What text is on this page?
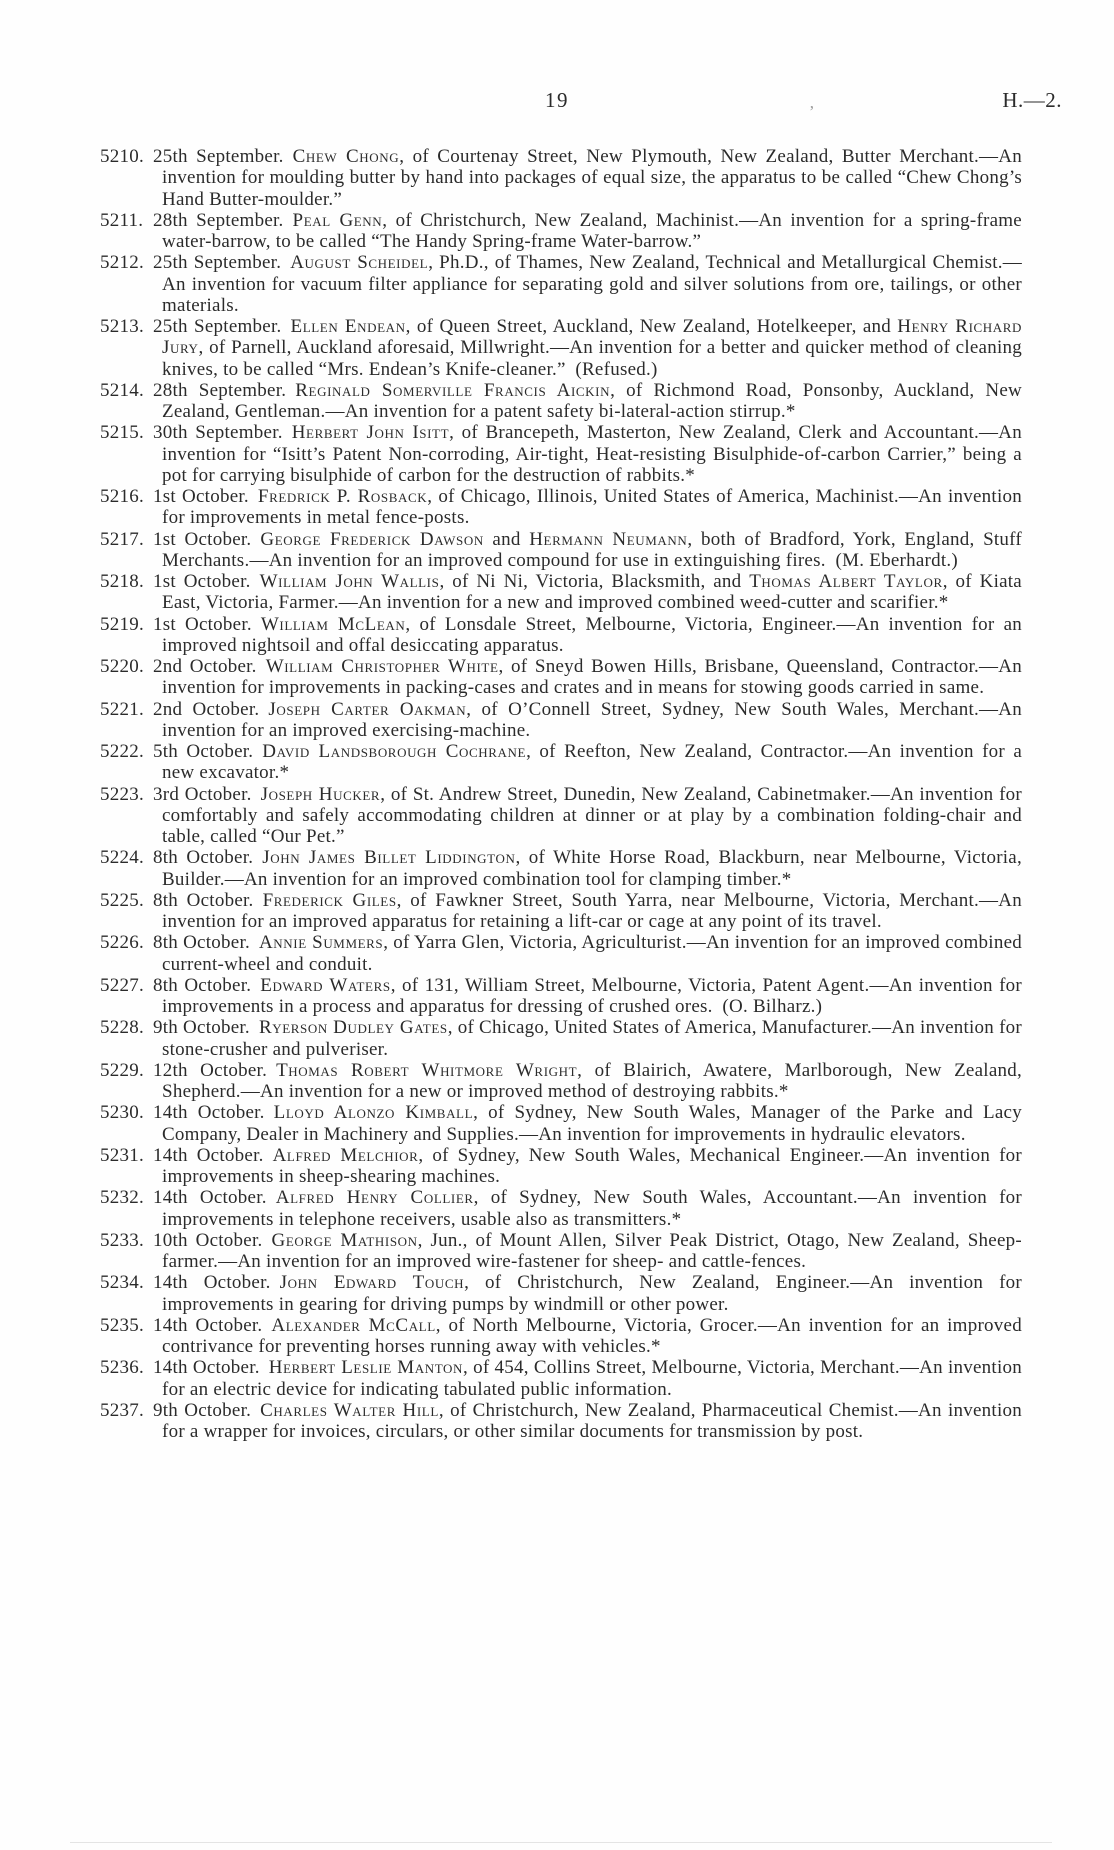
19	,	H.—2.

5210. 25th September. Chew Chong, of Courtenay Street, New Plymouth, New Zealand, Butter Merchant.—An invention for moulding butter by hand into packages of equal size, the apparatus to be called “Chew Chong’s Hand Butter-moulder.”

5211. 28th September. Peal Genn, of Christchurch, New Zealand, Machinist.—An invention for a spring-frame water-barrow, to be called “The Handy Spring-frame Water-barrow.”

5212. 25th September. August Scheidel, Ph.D., of Thames, New Zealand, Technical and Metallurgical Chemist.—An invention for vacuum filter appliance for separating gold and silver solutions from ore, tailings, or other materials.

5213. 25th September. Ellen Endean, of Queen Street, Auckland, New Zealand, Hotelkeeper, and Henry Richard Jury, of Parnell, Auckland aforesaid, Millwright.—An invention for a better and quicker method of cleaning knives, to be called “Mrs. Endean’s Knife-cleaner.” (Refused.)

5214. 28th September. Reginald Somerville Francis Aickin, of Richmond Road, Ponsonby, Auckland, New Zealand, Gentleman.—An invention for a patent safety bi-lateral-action stirrup.*

5215. 30th September. Herbert John Isitt, of Brancepeth, Masterton, New Zealand, Clerk and Accountant.—An invention for “Isitt’s Patent Non-corroding, Air-tight, Heat-resisting Bisulphide-of-carbon Carrier,” being a pot for carrying bisulphide of carbon for the destruction of rabbits.*

5216. 1st October. Fredrick P. Rosback, of Chicago, Illinois, United States of America, Machinist.—An invention for improvements in metal fence-posts.

5217. 1st October. George Frederick Dawson and Hermann Neumann, both of Bradford, York, England, Stuff Merchants.—An invention for an improved compound for use in extinguishing fires. (M. Eberhardt.)

5218. 1st October. William John Wallis, of Ni Ni, Victoria, Blacksmith, and Thomas Albert Taylor, of Kiata East, Victoria, Farmer.—An invention for a new and improved combined weed-cutter and scarifier.*

5219. 1st October. William McLean, of Lonsdale Street, Melbourne, Victoria, Engineer.—An invention for an improved nightsoil and offal desiccating apparatus.

5220. 2nd October. William Christopher White, of Sneyd Bowen Hills, Brisbane, Queensland, Contractor.—An invention for improvements in packing-cases and crates and in means for stowing goods carried in same.

5221. 2nd October. Joseph Carter Oakman, of O’Connell Street, Sydney, New South Wales, Merchant.—An invention for an improved exercising-machine.

5222. 5th October. David Landsborough Cochrane, of Reefton, New Zealand, Contractor.—An invention for a new excavator.*

5223. 3rd October. Joseph Hucker, of St. Andrew Street, Dunedin, New Zealand, Cabinetmaker.—An invention for comfortably and safely accommodating children at dinner or at play by a combination folding-chair and table, called “Our Pet.”

5224. 8th October. John James Billet Liddington, of White Horse Road, Blackburn, near Melbourne, Victoria, Builder.—An invention for an improved combination tool for clamping timber.*

5225. 8th October. Frederick Giles, of Fawkner Street, South Yarra, near Melbourne, Victoria, Merchant.—An invention for an improved apparatus for retaining a lift-car or cage at any point of its travel.

5226. 8th October. Annie Summers, of Yarra Glen, Victoria, Agriculturist.—An invention for an improved combined current-wheel and conduit.

5227. 8th October. Edward Waters, of 131, William Street, Melbourne, Victoria, Patent Agent.—An invention for improvements in a process and apparatus for dressing of crushed ores. (O. Bilharz.)

5228. 9th October. Ryerson Dudley Gates, of Chicago, United States of America, Manufacturer.—An invention for stone-crusher and pulveriser.

5229. 12th October. Thomas Robert Whitmore Wright, of Blairich, Awatere, Marlborough, New Zealand, Shepherd.—An invention for a new or improved method of destroying rabbits.*

5230. 14th October. Lloyd Alonzo Kimball, of Sydney, New South Wales, Manager of the Parke and Lacy Company, Dealer in Machinery and Supplies.—An invention for improvements in hydraulic elevators.

5231. 14th October. Alfred Melchior, of Sydney, New South Wales, Mechanical Engineer.—An invention for improvements in sheep-shearing machines.

5232. 14th October. Alfred Henry Collier, of Sydney, New South Wales, Accountant.—An invention for improvements in telephone receivers, usable also as transmitters.*

5233. 10th October. George Mathison, Jun., of Mount Allen, Silver Peak District, Otago, New Zealand, Sheep-farmer.—An invention for an improved wire-fastener for sheep- and cattle-fences.

5234. 14th October. John Edward Touch, of Christchurch, New Zealand, Engineer.—An invention for improvements in gearing for driving pumps by windmill or other power.

5235. 14th October. Alexander McCall, of North Melbourne, Victoria, Grocer.—An invention for an improved contrivance for preventing horses running away with vehicles.*

5236. 14th October. Herbert Leslie Manton, of 454, Collins Street, Melbourne, Victoria, Merchant.—An invention for an electric device for indicating tabulated public information.

5237. 9th October. Charles Walter Hill, of Christchurch, New Zealand, Pharmaceutical Chemist.—An invention for a wrapper for invoices, circulars, or other similar documents for transmission by post.
